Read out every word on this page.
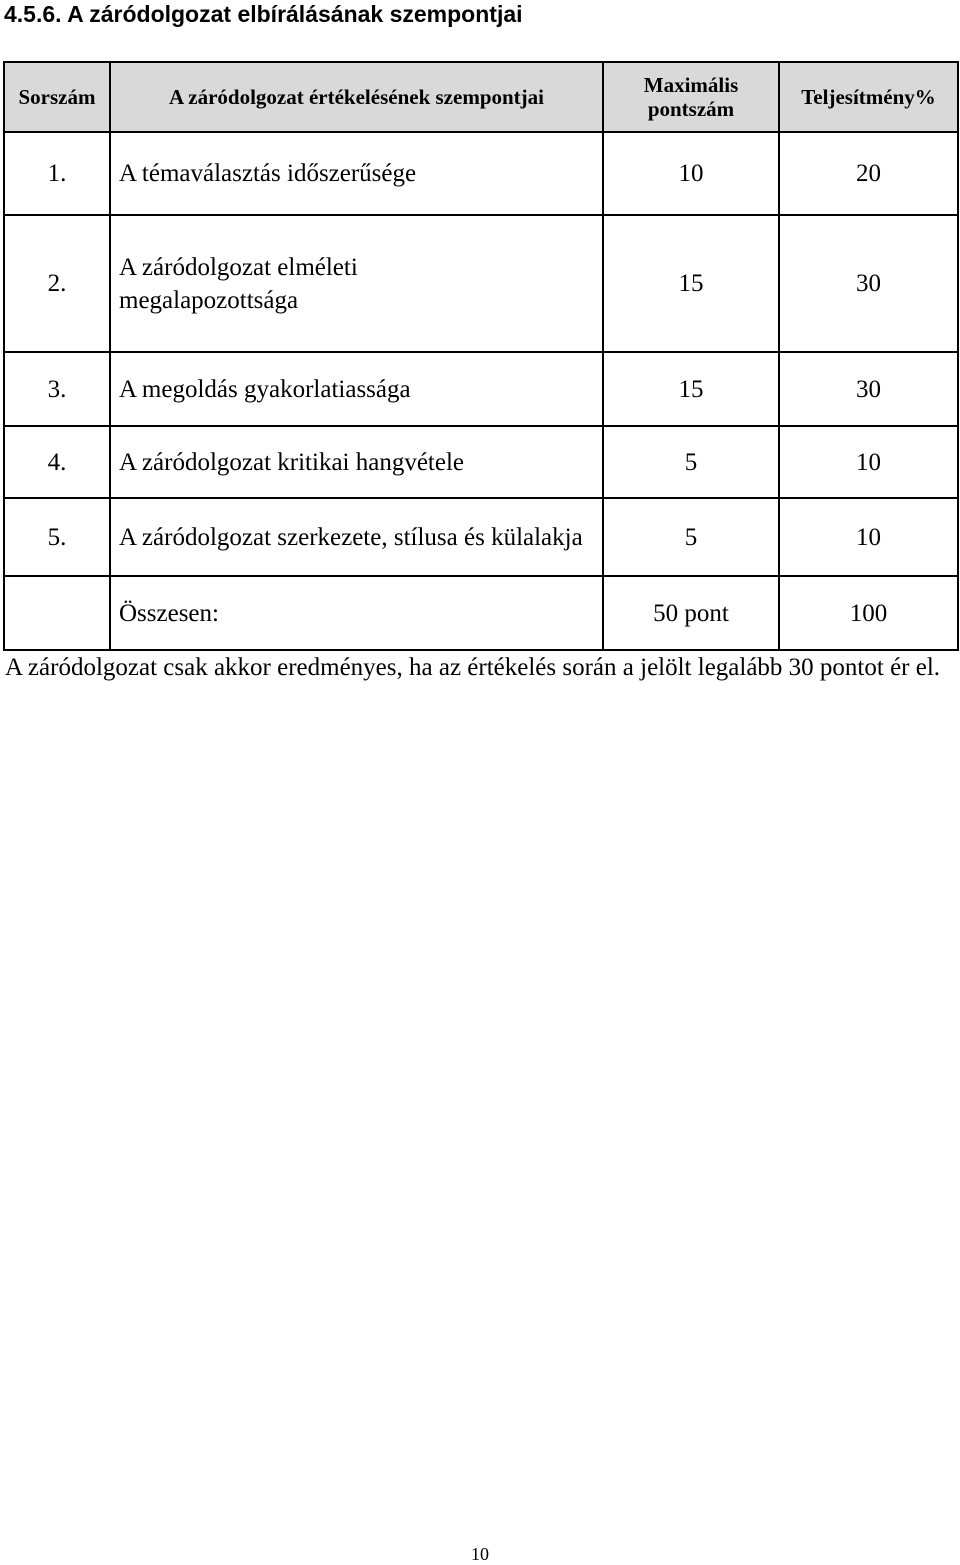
4.5.6. A záródolgozat elbírálásának szempontjai
Sorszám	A záródolgozat értékelésének szempontjai	Maximális pontszám	Teljesítmény%
1.	A témaválasztás időszerűsége	10	20
2.	A záródolgozat elméleti megalapozottsága	15	30
3.	A megoldás gyakorlatiassága	15	30
4.	A záródolgozat kritikai hangvétele	5	10
5.	A záródolgozat szerkezete, stílusa és külalakja	5	10
	Összesen:	50 pont	100
A záródolgozat csak akkor eredményes, ha az értékelés során a jelölt legalább 30 pontot ér el.
10
